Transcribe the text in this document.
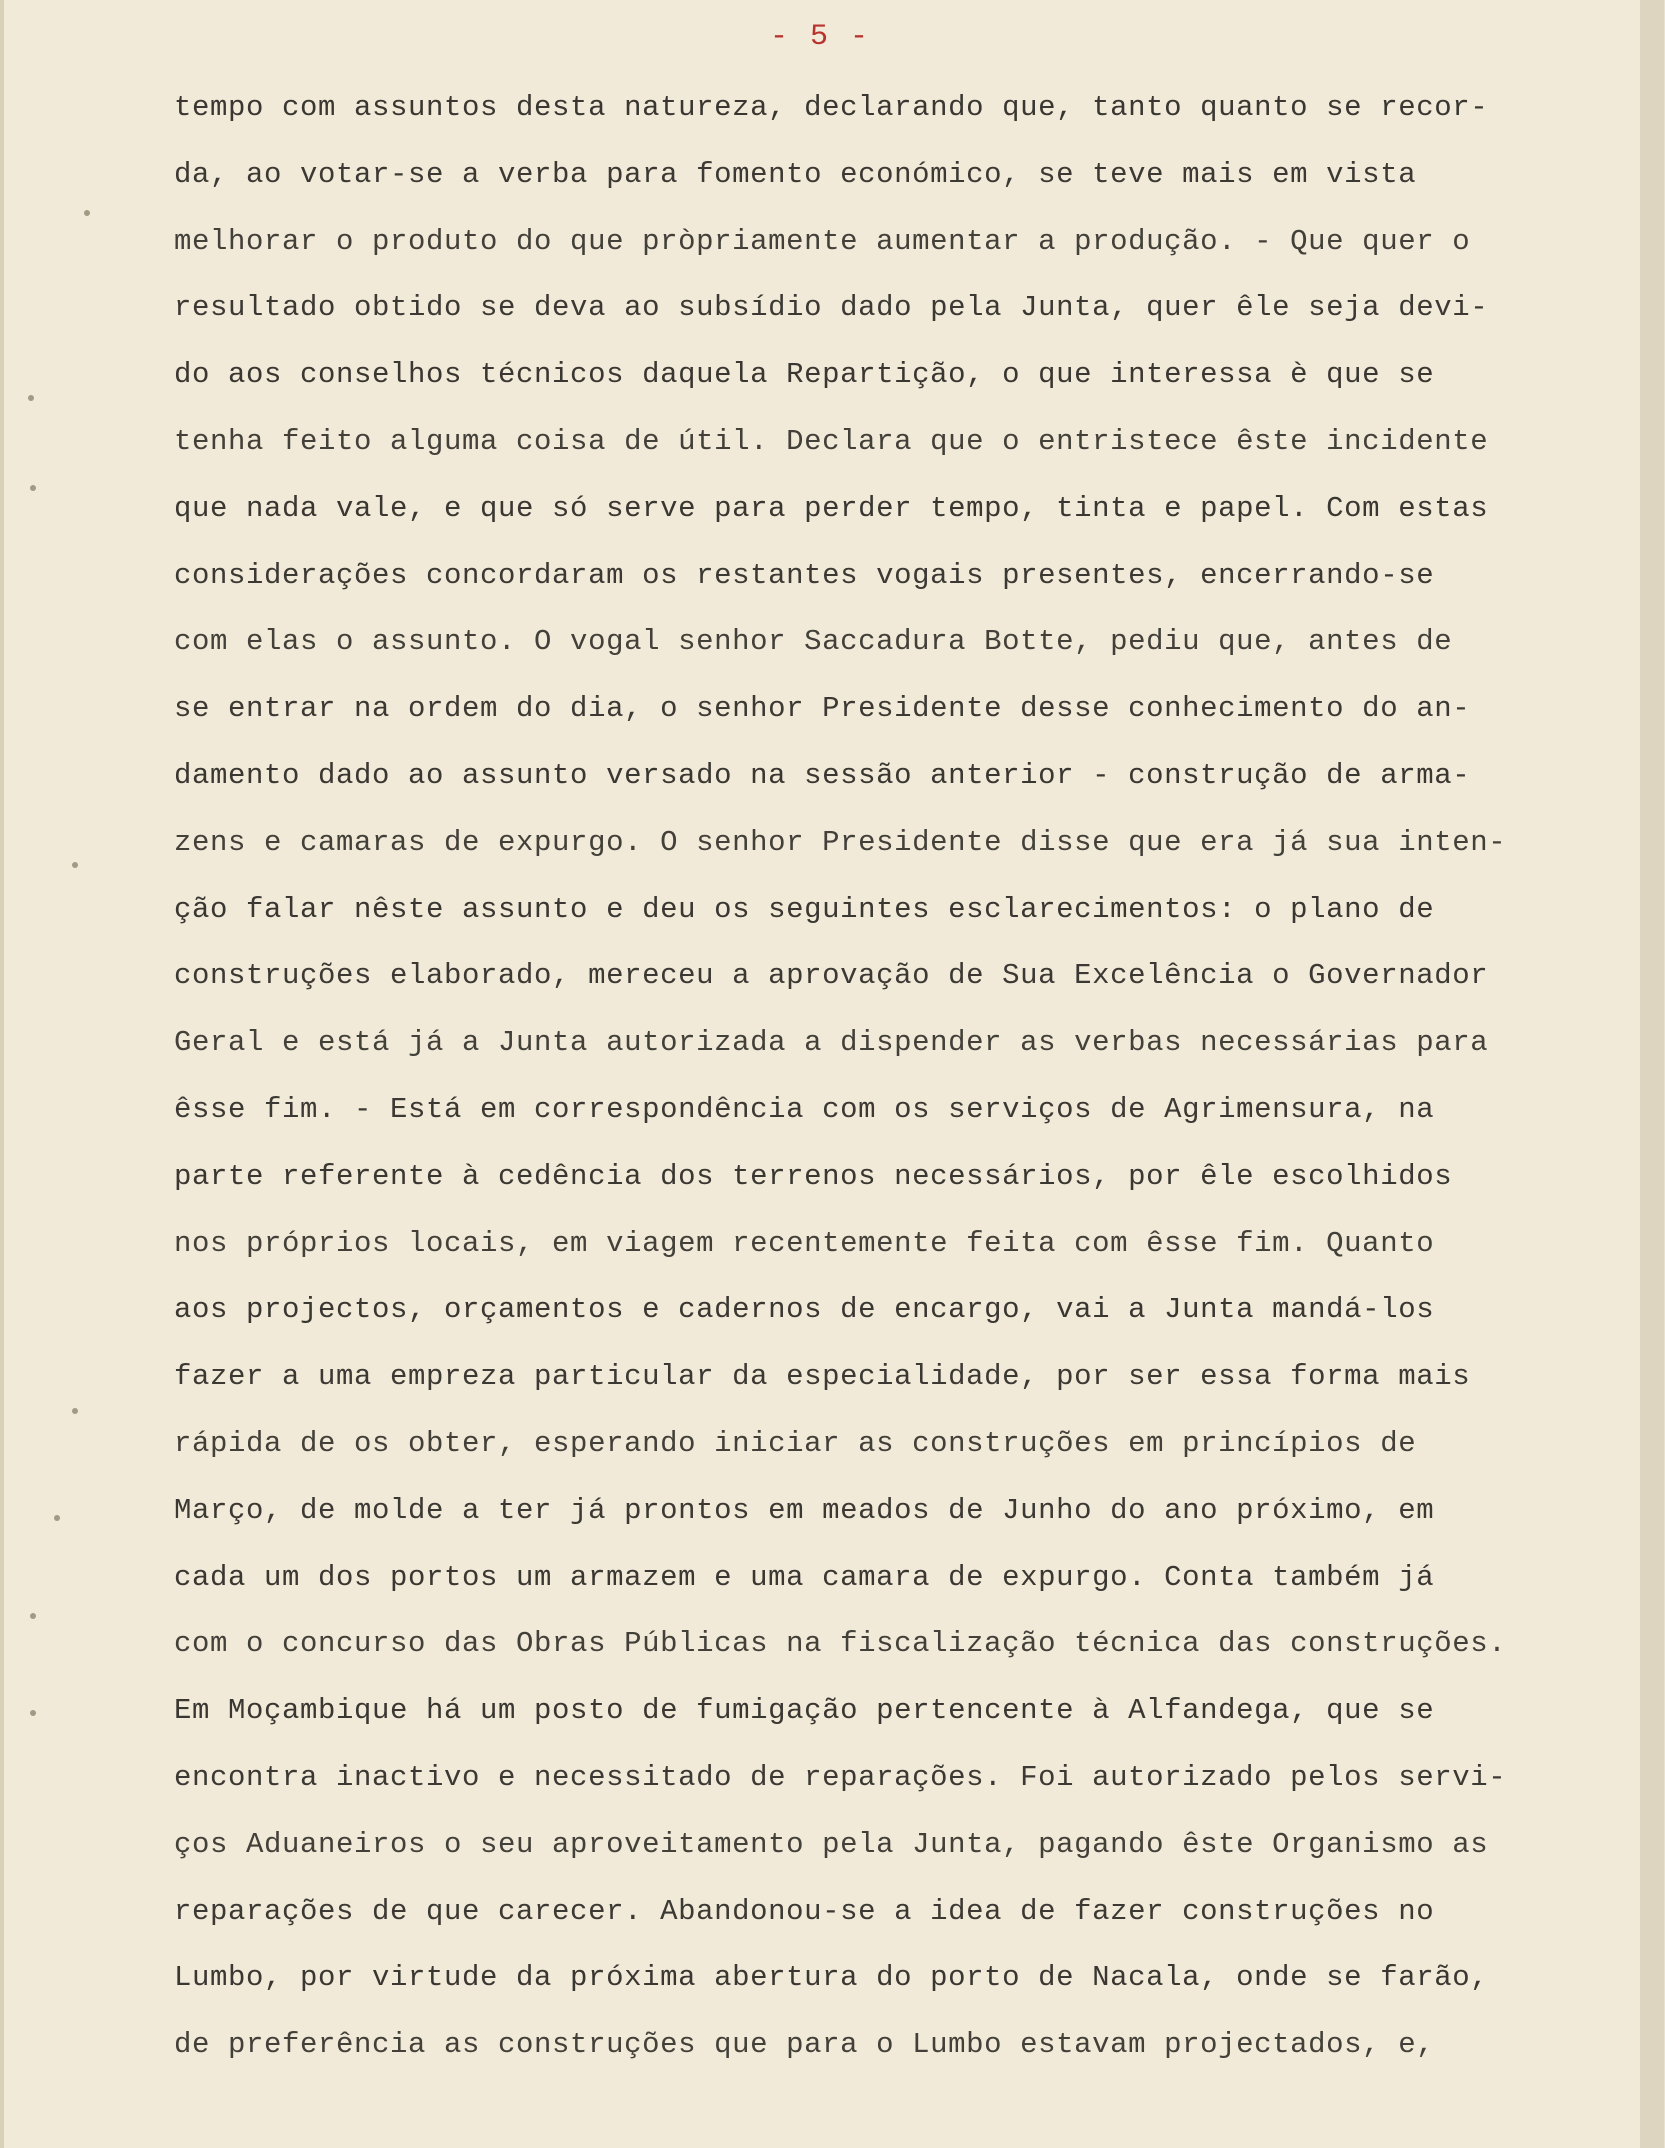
- 5 -
tempo com assuntos desta natureza, declarando que, tanto quanto se recor-
da, ao votar-se a verba para fomento económico, se teve mais em vista
melhorar o produto do que pròpriamente aumentar a produção. - Que quer o
resultado obtido se deva ao subsídio dado pela Junta, quer êle seja devi-
do aos conselhos técnicos daquela Repartição, o que interessa è que se
tenha feito alguma coisa de útil. Declara que o entristece êste incidente
que nada vale, e que só serve para perder tempo, tinta e papel. Com estas
considerações concordaram os restantes vogais presentes, encerrando-se
com elas o assunto. O vogal senhor Saccadura Botte, pediu que, antes de
se entrar na ordem do dia, o senhor Presidente desse conhecimento do an-
damento dado ao assunto versado na sessão anterior - construção de arma-
zens e camaras de expurgo. O senhor Presidente disse que era já sua inten-
ção falar nêste assunto e deu os seguintes esclarecimentos: o plano de
construções elaborado, mereceu a aprovação de Sua Excelência o Governador
Geral e está já a Junta autorizada a dispender as verbas necessárias para
êsse fim. - Está em correspondência com os serviços de Agrimensura, na
parte referente à cedência dos terrenos necessários, por êle escolhidos
nos próprios locais, em viagem recentemente feita com êsse fim. Quanto
aos projectos, orçamentos e cadernos de encargo, vai a Junta mandá-los
fazer a uma empreza particular da especialidade, por ser essa forma mais
rápida de os obter, esperando iniciar as construções em princípios de
Março, de molde a ter já prontos em meados de Junho do ano próximo, em
cada um dos portos um armazem e uma camara de expurgo. Conta também já
com o concurso das Obras Públicas na fiscalização técnica das construções.
Em Moçambique há um posto de fumigação pertencente à Alfandega, que se
encontra inactivo e necessitado de reparações. Foi autorizado pelos servi-
ços Aduaneiros o seu aproveitamento pela Junta, pagando êste Organismo as
reparações de que carecer. Abandonou-se a idea de fazer construções no
Lumbo, por virtude da próxima abertura do porto de Nacala, onde se farão,
de preferência as construções que para o Lumbo estavam projectados, e,
